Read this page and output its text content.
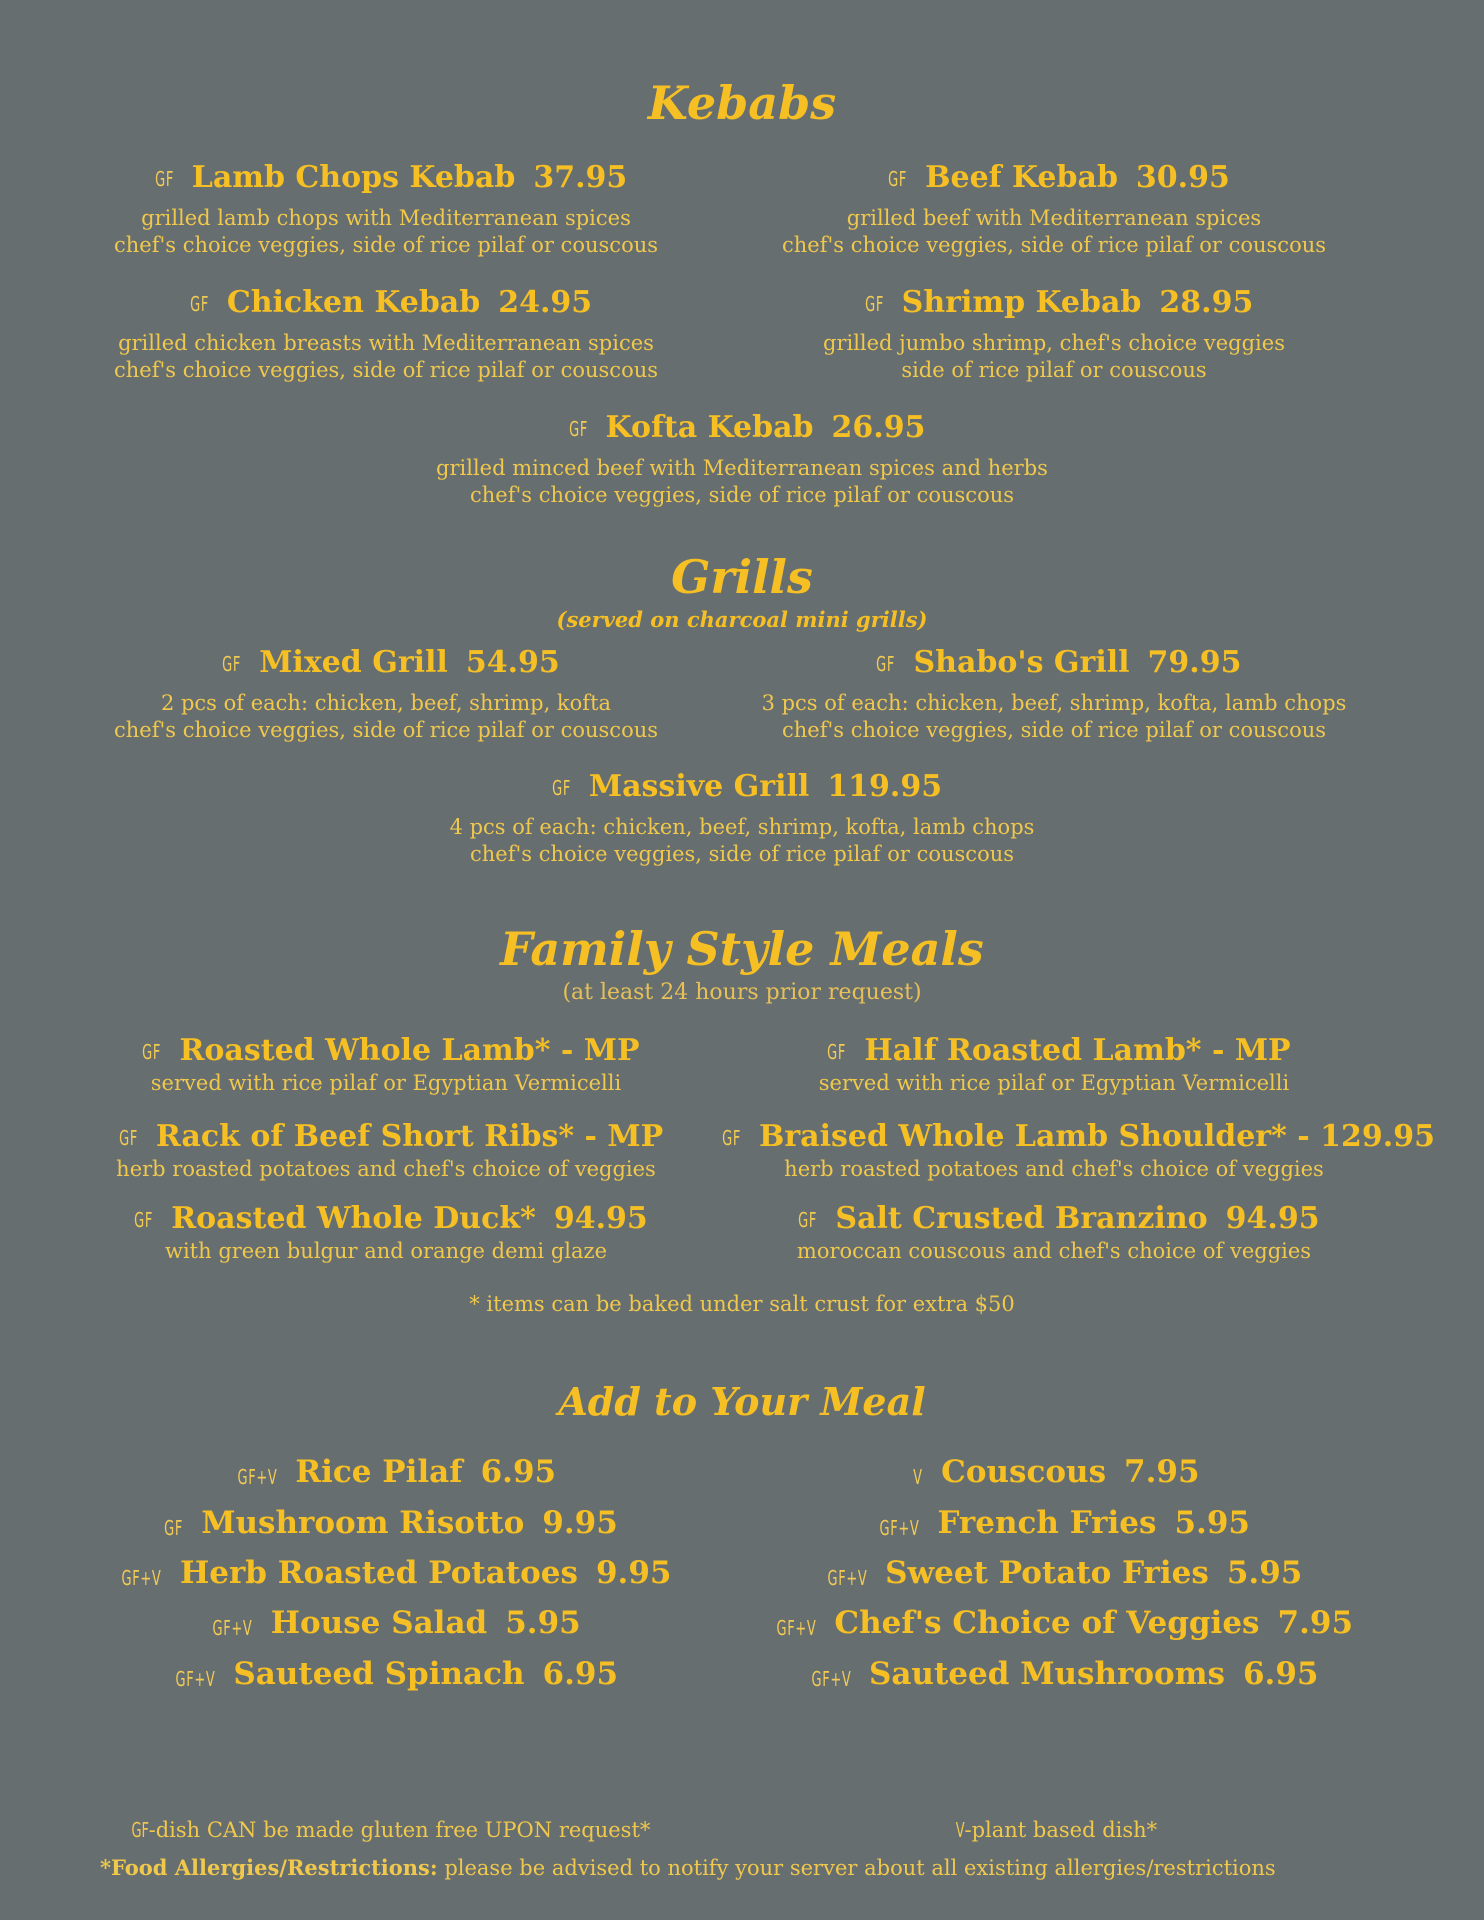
Kebabs
GF Lamb Chops Kebab 37.95
grilled lamb chops with Mediterranean spices
chef's choice veggies, side of rice pilaf or couscous
GF Beef Kebab 30.95
grilled beef with Mediterranean spices
chef's choice veggies, side of rice pilaf or couscous
GF Chicken Kebab 24.95
grilled chicken breasts with Mediterranean spices
chef's choice veggies, side of rice pilaf or couscous
GF Shrimp Kebab 28.95
grilled jumbo shrimp, chef's choice veggies
side of rice pilaf or couscous
GF Kofta Kebab 26.95
grilled minced beef with Mediterranean spices and herbs
chef's choice veggies, side of rice pilaf or couscous
Grills
(served on charcoal mini grills)
GF Mixed Grill 54.95
2 pcs of each: chicken, beef, shrimp, kofta
chef's choice veggies, side of rice pilaf or couscous
GF Shabo's Grill 79.95
3 pcs of each: chicken, beef, shrimp, kofta, lamb chops
chef's choice veggies, side of rice pilaf or couscous
GF Massive Grill 119.95
4 pcs of each: chicken, beef, shrimp, kofta, lamb chops
chef's choice veggies, side of rice pilaf or couscous
Family Style Meals
(at least 24 hours prior request)
GF Roasted Whole Lamb* - MP
served with rice pilaf or Egyptian Vermicelli
GF Half Roasted Lamb* - MP
served with rice pilaf or Egyptian Vermicelli
GF Rack of Beef Short Ribs* - MP
herb roasted potatoes and chef's choice of veggies
GF Braised Whole Lamb Shoulder* - 129.95
herb roasted potatoes and chef's choice of veggies
GF Roasted Whole Duck* 94.95
with green bulgur and orange demi glaze
GF Salt Crusted Branzino 94.95
moroccan couscous and chef's choice of veggies
* items can be baked under salt crust for extra $50
Add to Your Meal
GF+V Rice Pilaf 6.95
GF Mushroom Risotto 9.95
GF+V Herb Roasted Potatoes 9.95
GF+V House Salad 5.95
GF+V Sauteed Spinach 6.95
V Couscous 7.95
GF+V French Fries 5.95
GF+V Sweet Potato Fries 5.95
GF+V Chef's Choice of Veggies 7.95
GF+V Sauteed Mushrooms 6.95
GF-dish CAN be made gluten free UPON request*	V-plant based dish*
*Food Allergies/Restrictions: please be advised to notify your server about all existing allergies/restrictions
